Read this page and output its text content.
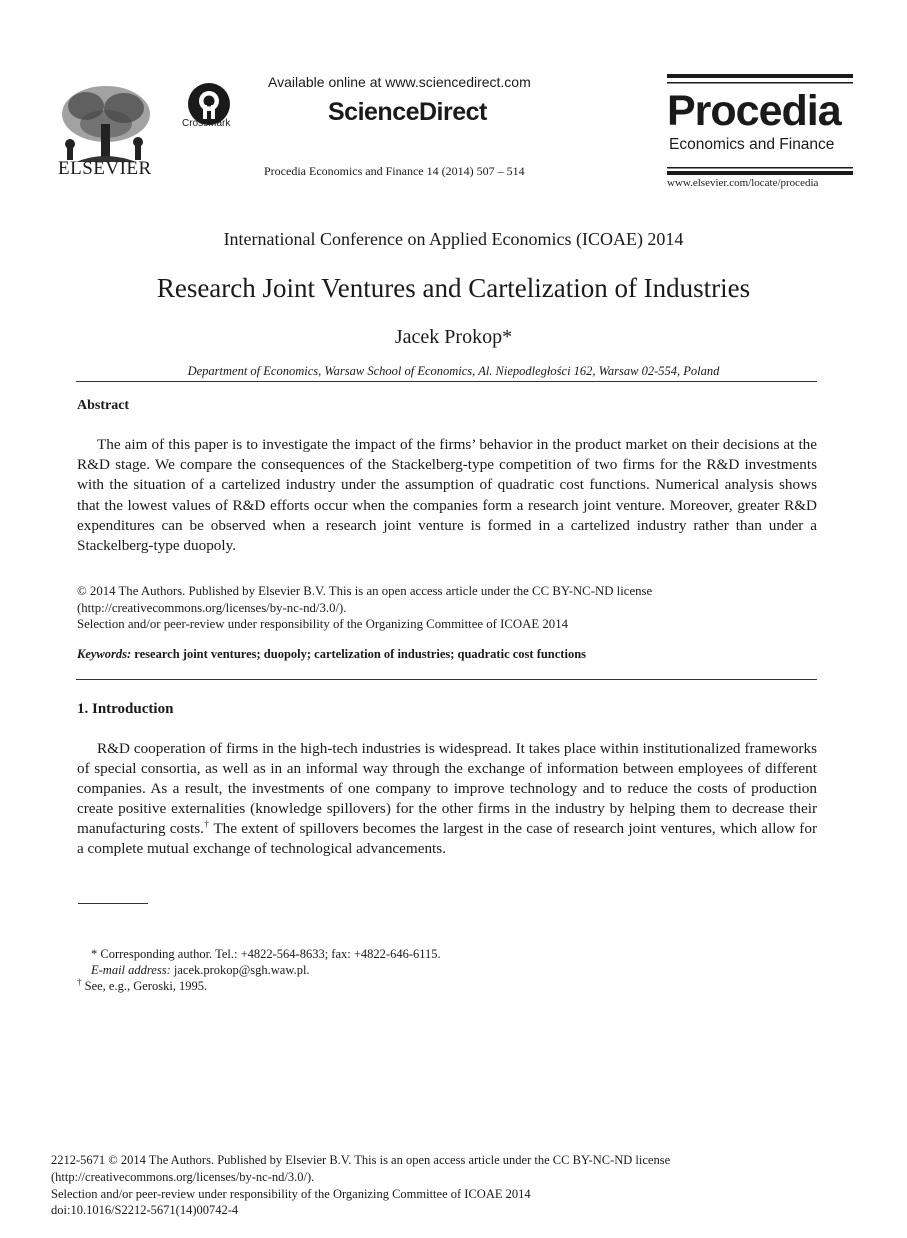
ELSEVIER
CrossMark
Available online at www.sciencedirect.com
ScienceDirect
Procedia Economics and Finance 14 (2014) 507 – 514
Procedia
Economics and Finance
www.elsevier.com/locate/procedia
International Conference on Applied Economics (ICOAE) 2014
Research Joint Ventures and Cartelization of Industries
Jacek Prokop*
Department of Economics, Warsaw School of Economics, Al. Niepodległości 162, Warsaw 02-554, Poland
Abstract
The aim of this paper is to investigate the impact of the firms’ behavior in the product market on their decisions at the R&D stage. We compare the consequences of the Stackelberg-type competition of two firms for the R&D investments with the situation of a cartelized industry under the assumption of quadratic cost functions. Numerical analysis shows that the lowest values of R&D efforts occur when the companies form a research joint venture. Moreover, greater R&D expenditures can be observed when a research joint venture is formed in a cartelized industry rather than under a Stackelberg-type duopoly.
© 2014 The Authors. Published by Elsevier B.V. This is an open access article under the CC BY-NC-ND license
(http://creativecommons.org/licenses/by-nc-nd/3.0/).
Selection and/or peer-review under responsibility of the Organizing Committee of ICOAE 2014
Keywords: research joint ventures; duopoly; cartelization of industries; quadratic cost functions
1. Introduction
R&D cooperation of firms in the high-tech industries is widespread. It takes place within institutionalized frameworks of special consortia, as well as in an informal way through the exchange of information between employees of different companies. As a result, the investments of one company to improve technology and to reduce the costs of production create positive externalities (knowledge spillovers) for the other firms in the industry by helping them to decrease their manufacturing costs.† The extent of spillovers becomes the largest in the case of research joint ventures, which allow for a complete mutual exchange of technological advancements.
* Corresponding author. Tel.: +4822-564-8633; fax: +4822-646-6115.
E-mail address: jacek.prokop@sgh.waw.pl.
† See, e.g., Geroski, 1995.
2212-5671 © 2014 The Authors. Published by Elsevier B.V. This is an open access article under the CC BY-NC-ND license
(http://creativecommons.org/licenses/by-nc-nd/3.0/).
Selection and/or peer-review under responsibility of the Organizing Committee of ICOAE 2014
doi:10.1016/S2212-5671(14)00742-4
